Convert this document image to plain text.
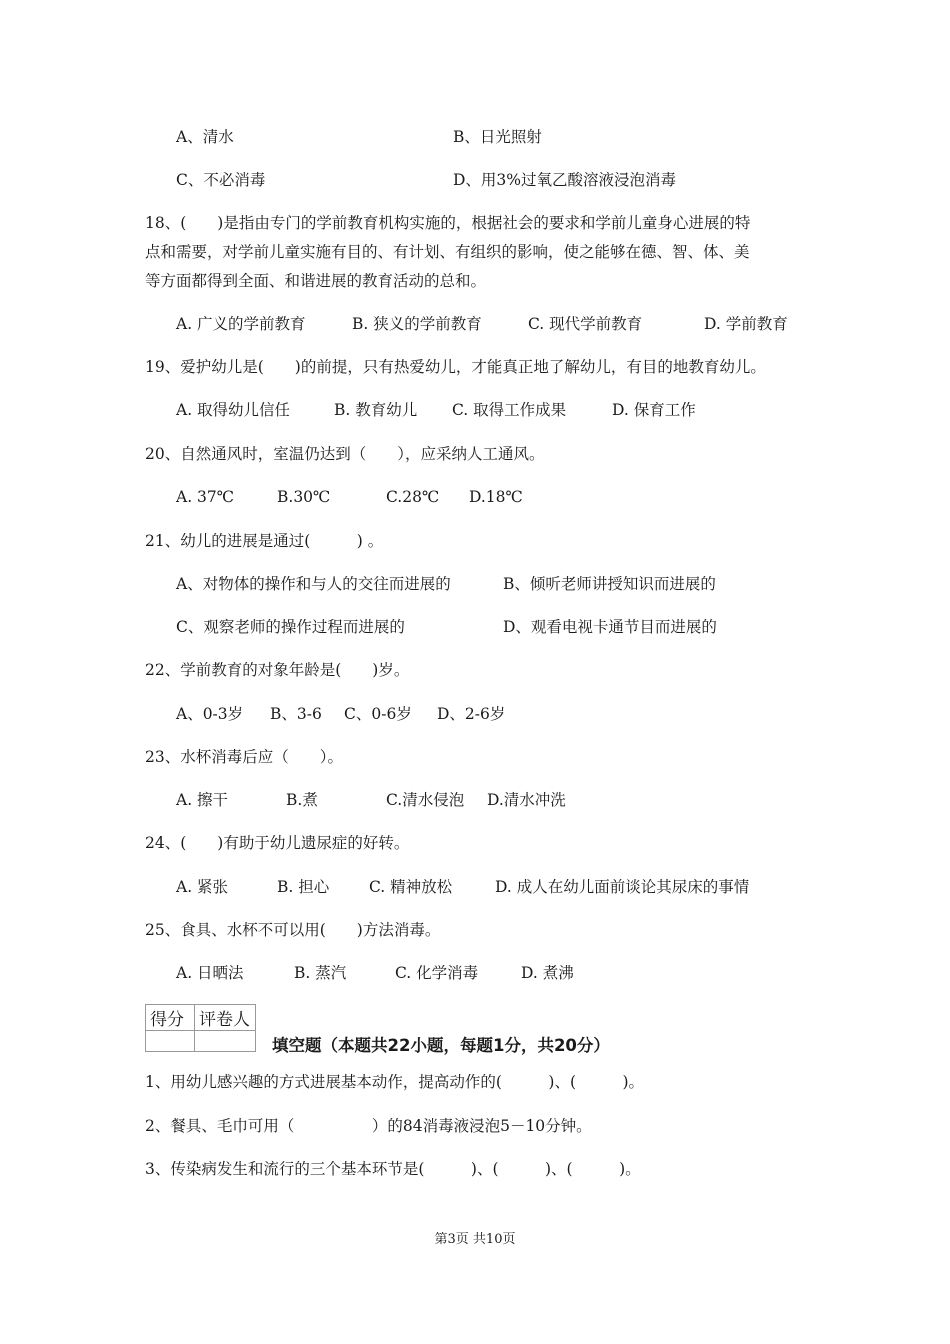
A、清水	B、日光照射
C、不必消毒	D、用3%过氧乙酸溶液浸泡消毒
18、(　　)是指由专门的学前教育机构实施的，根据社会的要求和学前儿童身心进展的特
点和需要，对学前儿童实施有目的、有计划、有组织的影响，使之能够在德、智、体、美
等方面都得到全面、和谐进展的教育活动的总和。
A. 广义的学前教育	B. 狭义的学前教育	C. 现代学前教育	D. 学前教育
19、爱护幼儿是(　　)的前提，只有热爱幼儿，才能真正地了解幼儿，有目的地教育幼儿。
A. 取得幼儿信任	B. 教育幼儿 C. 取得工作成果	D. 保育工作
20、自然通风时，室温仍达到（　　），应采纳人工通风。
A. 37℃	B.30℃	C.28℃ D.18℃
21、幼儿的进展是通过(　　　) 。
A、对物体的操作和与人的交往而进展的	B、倾听老师讲授知识而进展的
C、观察老师的操作过程而进展的	D、观看电视卡通节目而进展的
22、学前教育的对象年龄是(　　)岁。
A、0-3岁 B、3-6 C、0-6岁 D、2-6岁
23、水杯消毒后应（　　）。
A. 擦干	B.煮	C.清水侵泡 D.清水冲洗
24、(　　)有助于幼儿遗尿症的好转。
A. 紧张	B. 担心	C. 精神放松	D. 成人在幼儿面前谈论其尿床的事情
25、食具、水杯不可以用(　　)方法消毒。
A. 日晒法	B. 蒸汽	C. 化学消毒	D. 煮沸
得分	评卷人

填空题（本题共22小题，每题1分，共20分）
1、用幼儿感兴趣的方式进展基本动作，提高动作的(　　　)、(　　　)。
2、餐具、毛巾可用（　　　　　）的84消毒液浸泡5－10分钟。
3、传染病发生和流行的三个基本环节是(　　　)、(　　　)、(　　　)。
第3页 共10页
